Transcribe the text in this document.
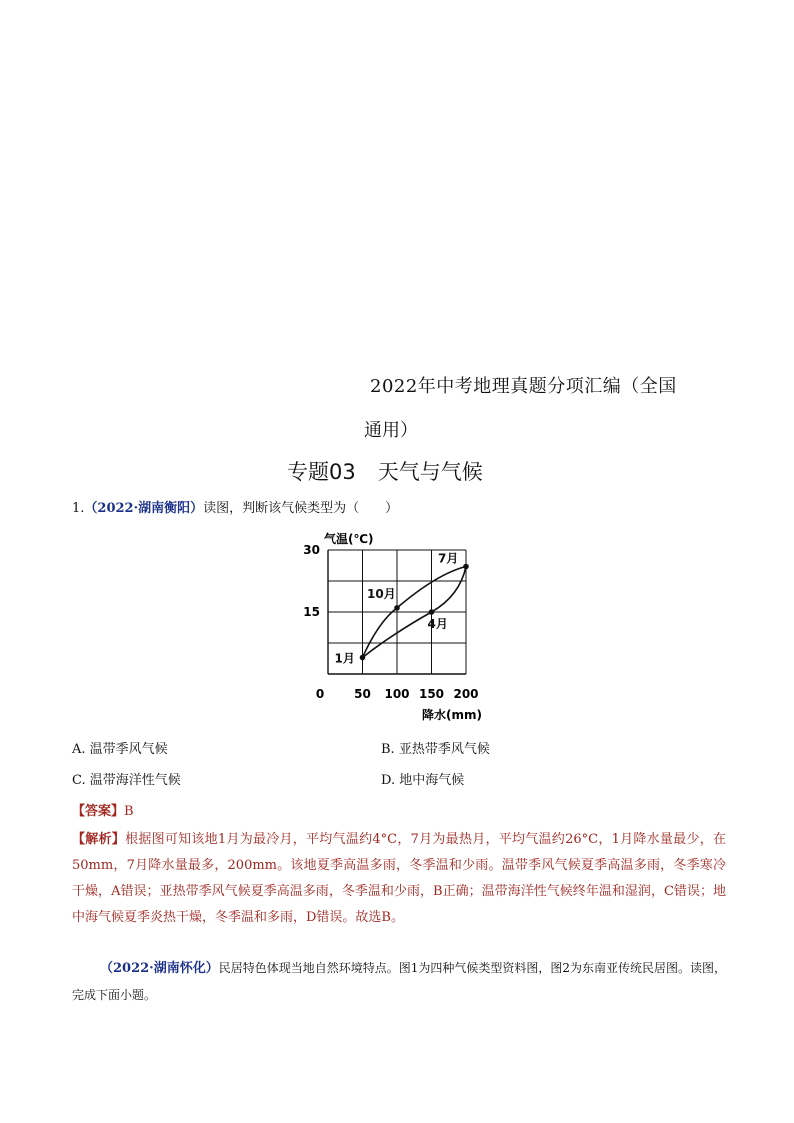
2022年中考地理真题分项汇编（全国
通用）
专题03 天气与气候
1.（2022·湖南衡阳）读图，判断该气候类型为（　　）
0 50 100 150 200
15
30
1月
4月
7月
10月
气温(℃)
降水(mm)
A. 温带季风气候	B. 亚热带季风气候
C. 温带海洋性气候	D. 地中海气候
【答案】B
【解析】根据图可知该地1月为最冷月，平均气温约4°C，7月为最热月，平均气温约26°C，1月降水量最少，在50mm，7月降水量最多，200mm。该地夏季高温多雨，冬季温和少雨。温带季风气候夏季高温多雨，冬季寒冷干燥，A错误；亚热带季风气候夏季高温多雨，冬季温和少雨，B正确；温带海洋性气候终年温和湿润，C错误；地中海气候夏季炎热干燥，冬季温和多雨，D错误。故选B。
（2022·湖南怀化）民居特色体现当地自然环境特点。图1为四种气候类型资料图，图2为东南亚传统民居图。读图，完成下面小题。
